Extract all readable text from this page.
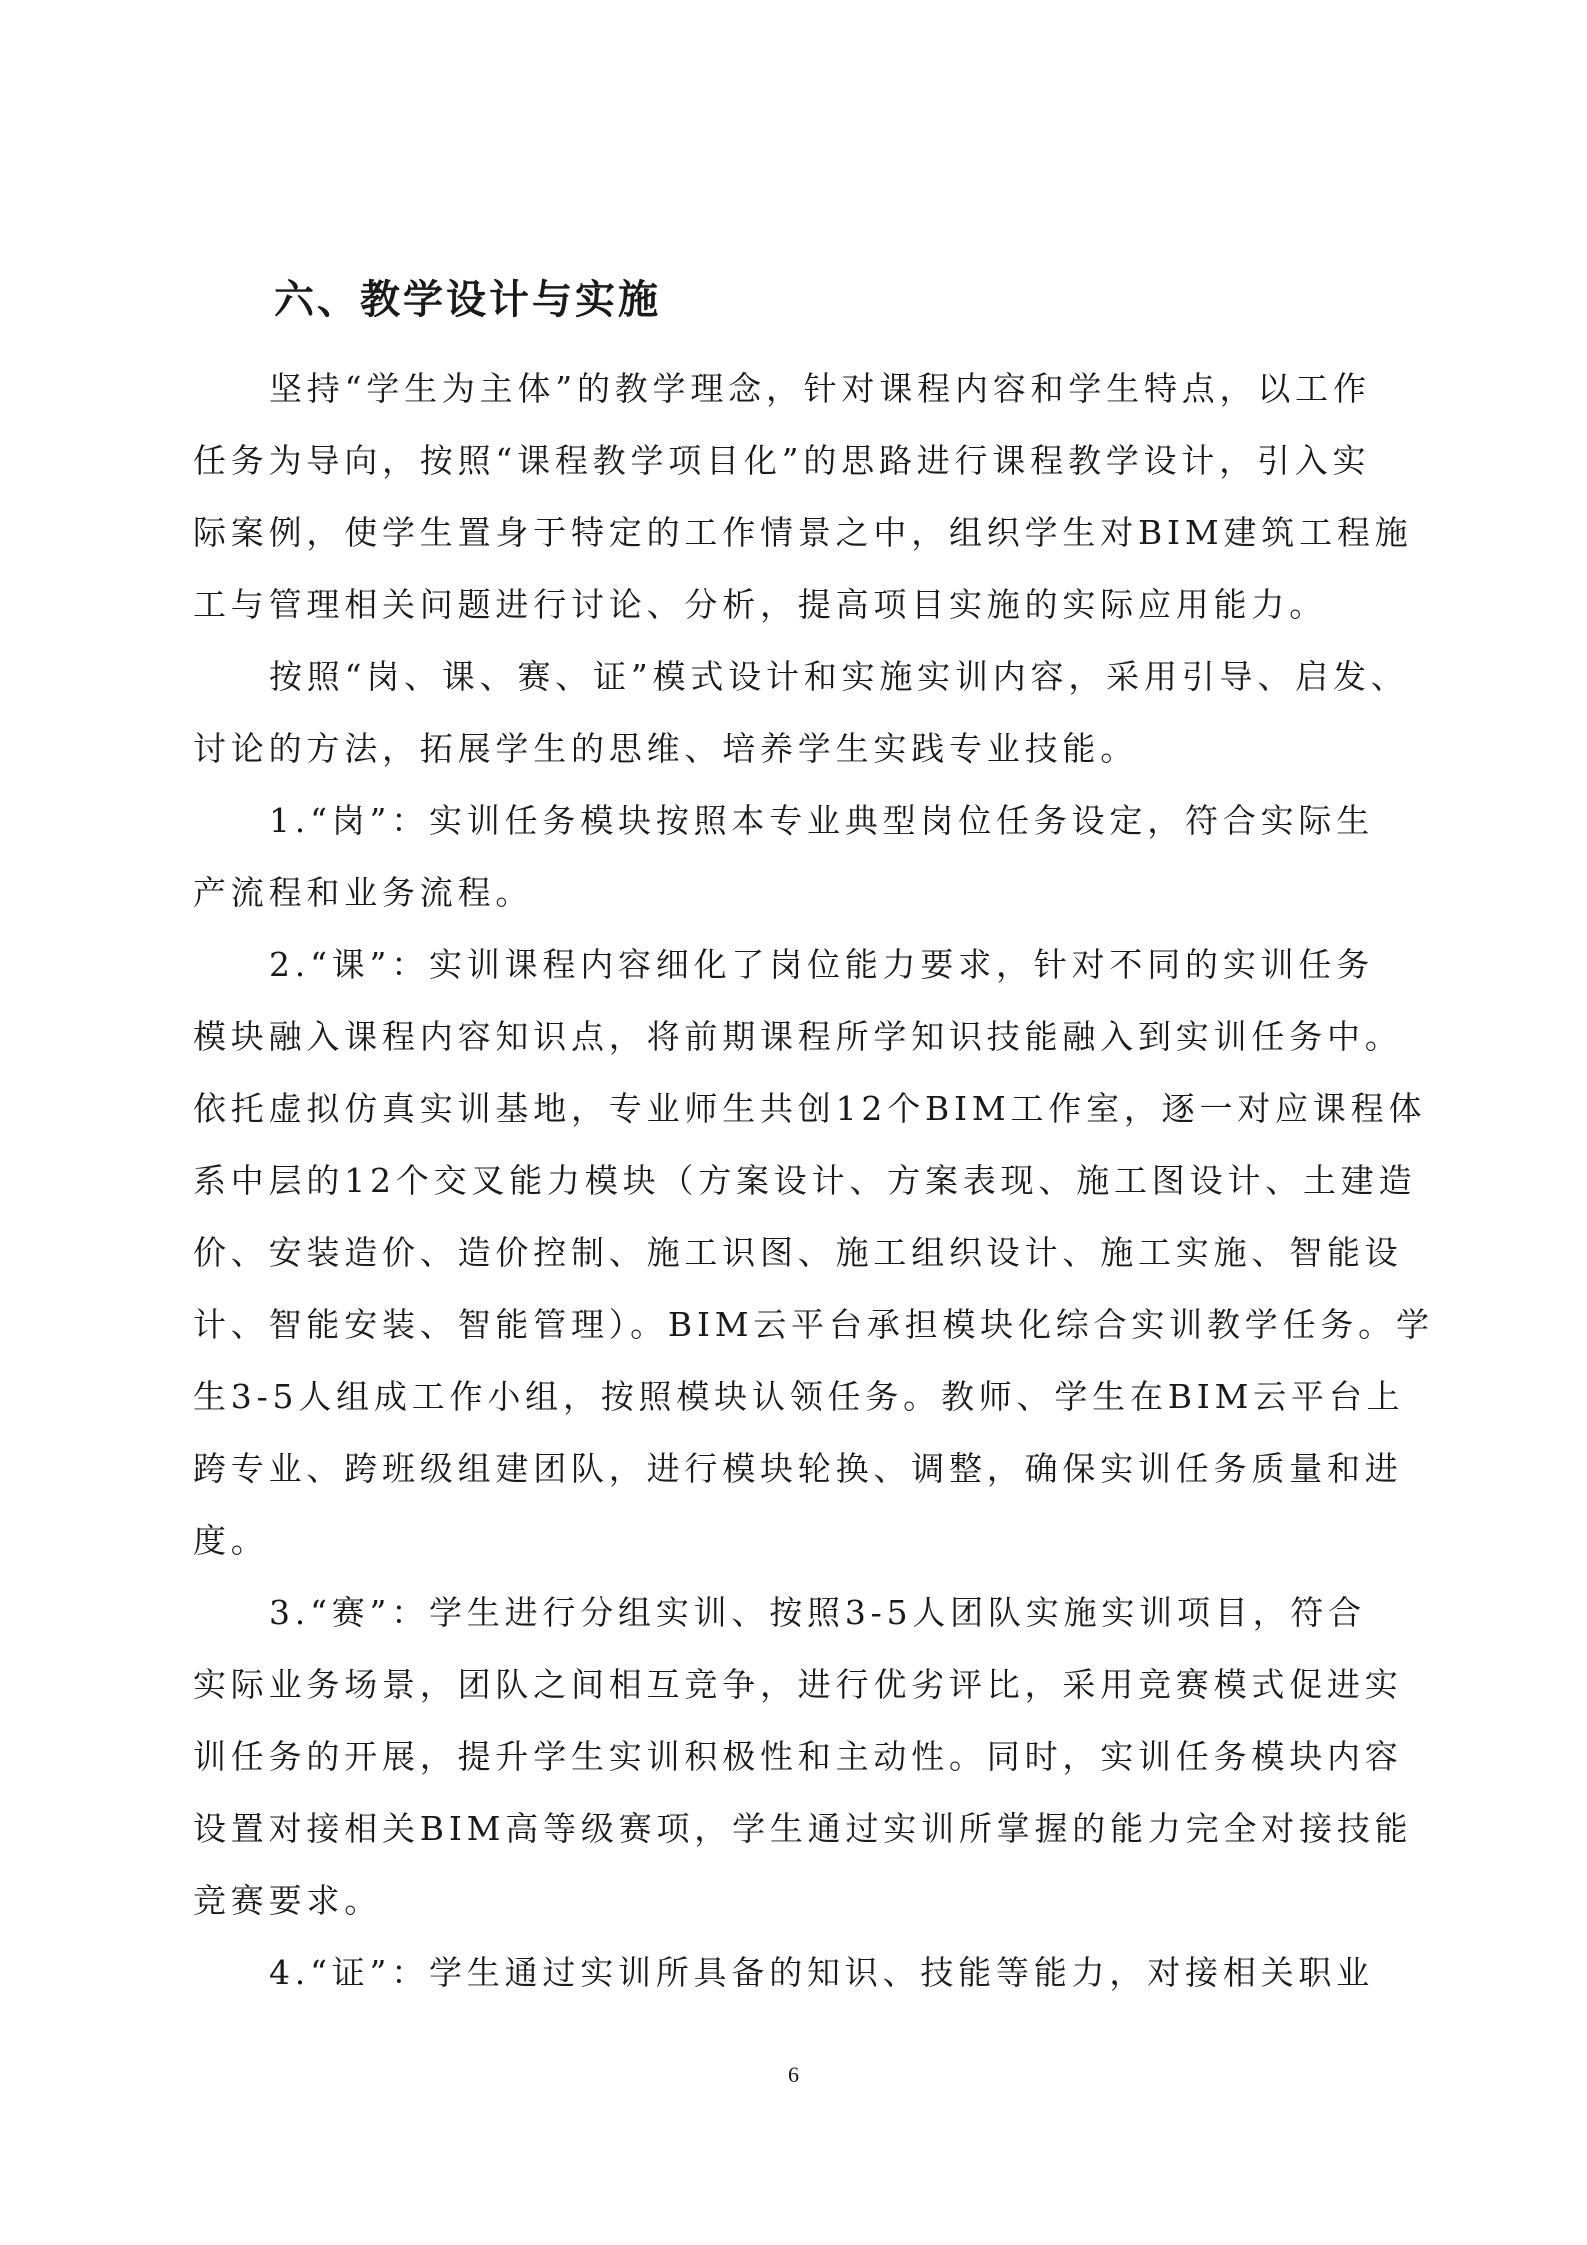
六、教学设计与实施

坚持“学生为主体”的教学理念，针对课程内容和学生特点，以工作
任务为导向，按照“课程教学项目化”的思路进行课程教学设计，引入实
际案例，使学生置身于特定的工作情景之中，组织学生对BIM建筑工程施
工与管理相关问题进行讨论、分析，提高项目实施的实际应用能力。

按照“岗、课、赛、证”模式设计和实施实训内容，采用引导、启发、
讨论的方法，拓展学生的思维、培养学生实践专业技能。

1.“岗”：实训任务模块按照本专业典型岗位任务设定，符合实际生
产流程和业务流程。

2.“课”：实训课程内容细化了岗位能力要求，针对不同的实训任务
模块融入课程内容知识点，将前期课程所学知识技能融入到实训任务中。
依托虚拟仿真实训基地，专业师生共创12个BIM工作室，逐一对应课程体
系中层的12个交叉能力模块（方案设计、方案表现、施工图设计、土建造
价、安装造价、造价控制、施工识图、施工组织设计、施工实施、智能设
计、智能安装、智能管理）。BIM云平台承担模块化综合实训教学任务。学
生3-5人组成工作小组，按照模块认领任务。教师、学生在BIM云平台上
跨专业、跨班级组建团队，进行模块轮换、调整，确保实训任务质量和进
度。

3.“赛”：学生进行分组实训、按照3-5人团队实施实训项目，符合
实际业务场景，团队之间相互竞争，进行优劣评比，采用竞赛模式促进实
训任务的开展，提升学生实训积极性和主动性。同时，实训任务模块内容
设置对接相关BIM高等级赛项，学生通过实训所掌握的能力完全对接技能
竞赛要求。

4.“证”：学生通过实训所具备的知识、技能等能力，对接相关职业

6
